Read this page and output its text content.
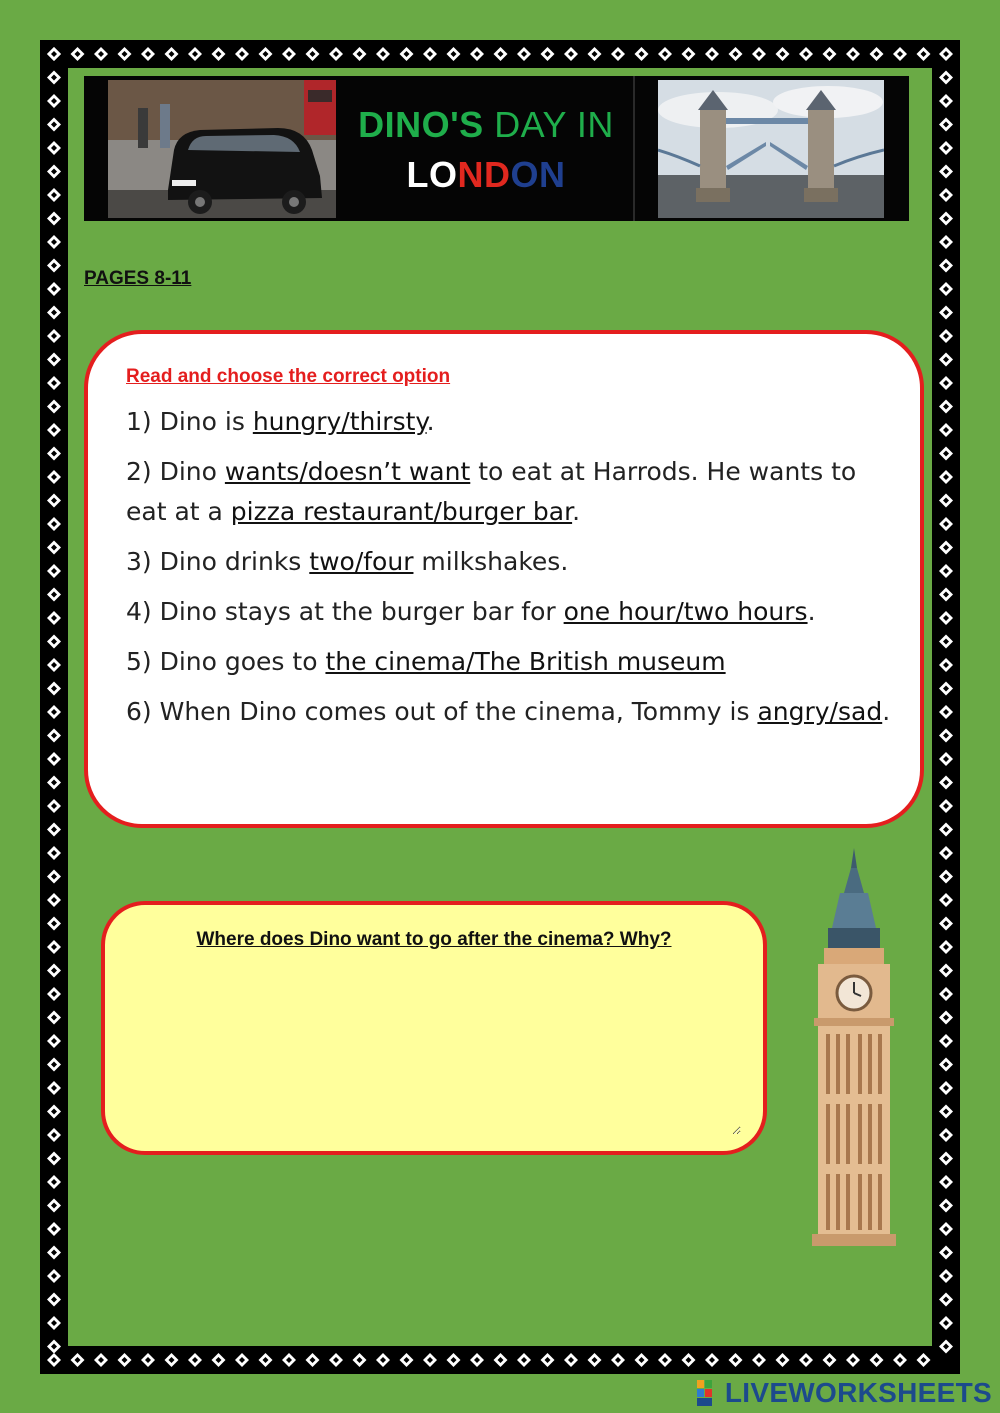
DINO'S DAY IN
LONDON
PAGES 8-11
Read and choose the correct option

1) Dino is hungry/thirsty.

2) Dino wants/doesn’t want to eat at Harrods. He wants to eat at a pizza restaurant/burger bar.

3) Dino drinks two/four milkshakes.

4) Dino stays at the burger bar for one hour/two hours.

5) Dino goes to the cinema/The British museum

6) When Dino comes out of the cinema, Tommy is angry/sad.

Where does Dino want to go after the cinema? Why?
LIVEWORKSHEETS
